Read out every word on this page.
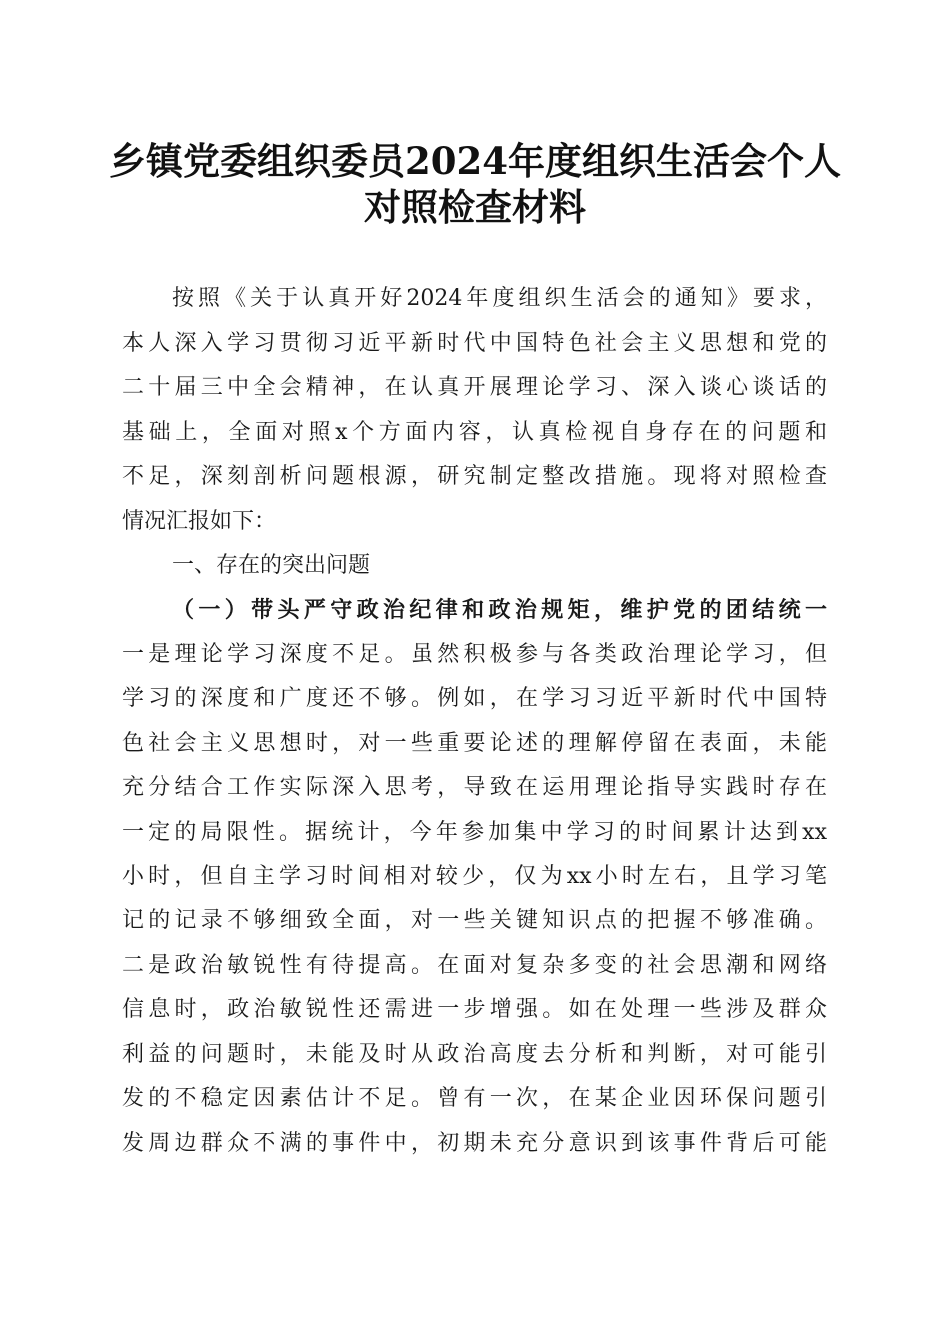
乡镇党委组织委员2024年度组织生活会个人
对照检查材料
按照《关于认真开好2024年度组织生活会的通知》要求，
本人深入学习贯彻习近平新时代中国特色社会主义思想和党的
二十届三中全会精神，在认真开展理论学习、深入谈心谈话的
基础上，全面对照x个方面内容，认真检视自身存在的问题和
不足，深刻剖析问题根源，研究制定整改措施。现将对照检查
情况汇报如下：
一、存在的突出问题
（一）带头严守政治纪律和政治规矩，维护党的团结统一
一是理论学习深度不足。虽然积极参与各类政治理论学习，但
学习的深度和广度还不够。例如，在学习习近平新时代中国特
色社会主义思想时，对一些重要论述的理解停留在表面，未能
充分结合工作实际深入思考，导致在运用理论指导实践时存在
一定的局限性。据统计，今年参加集中学习的时间累计达到xx
小时，但自主学习时间相对较少，仅为xx小时左右，且学习笔
记的记录不够细致全面，对一些关键知识点的把握不够准确。
二是政治敏锐性有待提高。在面对复杂多变的社会思潮和网络
信息时，政治敏锐性还需进一步增强。如在处理一些涉及群众
利益的问题时，未能及时从政治高度去分析和判断，对可能引
发的不稳定因素估计不足。曾有一次，在某企业因环保问题引
发周边群众不满的事件中，初期未充分意识到该事件背后可能
